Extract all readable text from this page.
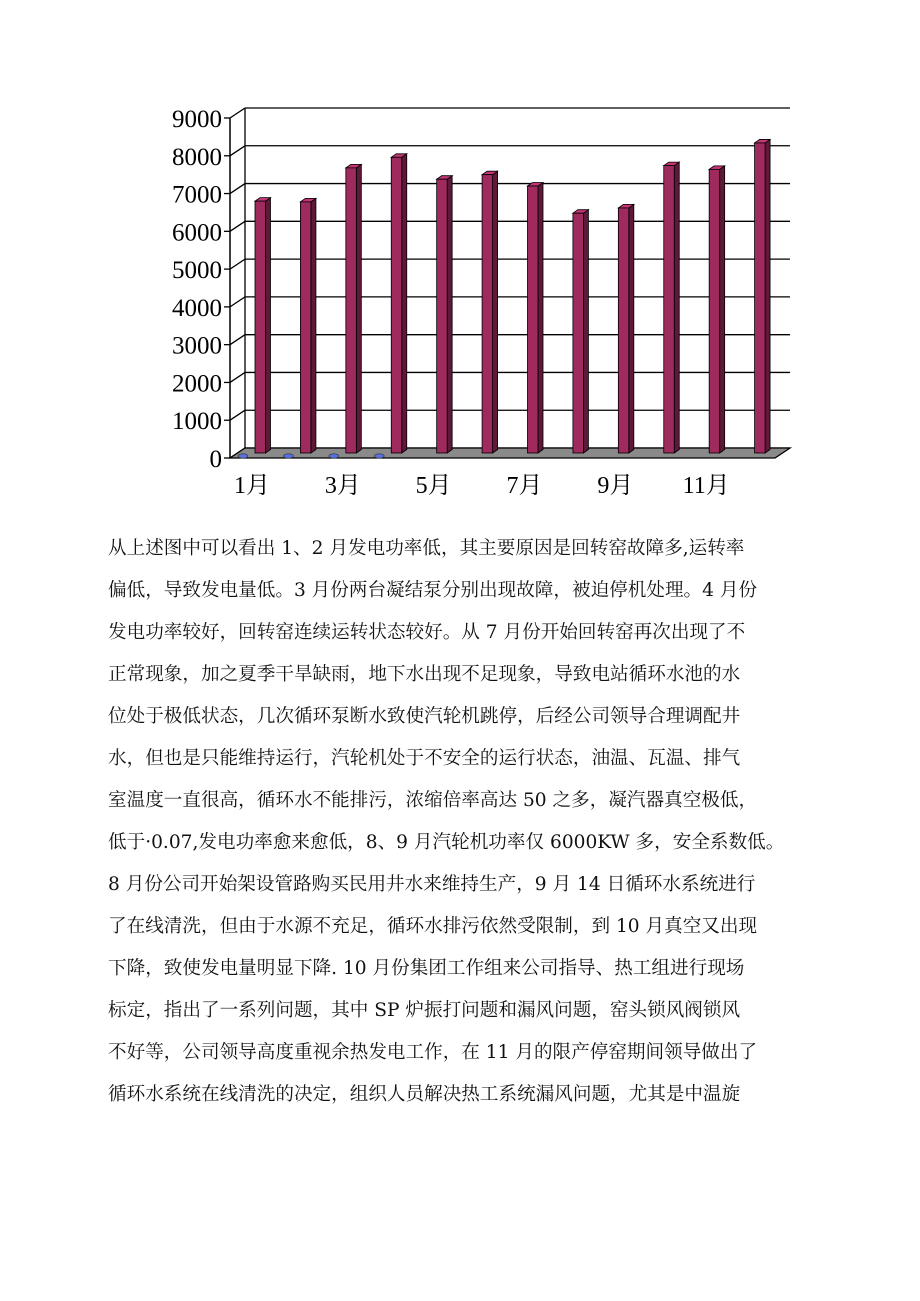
0
1000
2000
3000
4000
5000
6000
7000
8000
9000
1月 3月 5月 7月 9月 11月
从上述图中可以看出 1、2 月发电功率低，其主要原因是回转窑故障多,运转率
偏低，导致发电量低。3 月份两台凝结泵分别出现故障，被迫停机处理。4 月份
发电功率较好，回转窑连续运转状态较好。从 7 月份开始回转窑再次出现了不
正常现象，加之夏季干旱缺雨，地下水出现不足现象，导致电站循环水池的水
位处于极低状态，几次循环泵断水致使汽轮机跳停，后经公司领导合理调配井
水，但也是只能维持运行，汽轮机处于不安全的运行状态，油温、瓦温、排气
室温度一直很高，循环水不能排污，浓缩倍率高达 50 之多，凝汽器真空极低，
低于·0.07,发电功率愈来愈低，8、9 月汽轮机功率仅 6000KW 多，安全系数低。
8 月份公司开始架设管路购买民用井水来维持生产，9 月 14 日循环水系统进行
了在线清洗，但由于水源不充足，循环水排污依然受限制，到 10 月真空又出现
下降，致使发电量明显下降. 10 月份集团工作组来公司指导、热工组进行现场
标定，指出了一系列问题，其中 SP 炉振打问题和漏风问题，窑头锁风阀锁风
不好等，公司领导高度重视余热发电工作，在 11 月的限产停窑期间领导做出了
循环水系统在线清洗的决定，组织人员解决热工系统漏风问题，尤其是中温旋
